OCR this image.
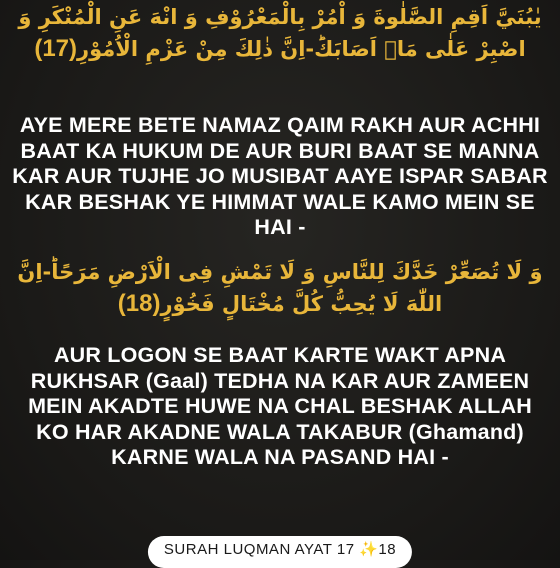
يٰبُنَيَّ اَقِمِ الصَّلٰوةَ وَ اْمُرْ بِالْمَعْرُوْفِ وَ انْهَ عَنِ الْمُنْكَرِ وَ اصْبِرْ عَلٰى مَاۤ اَصَابَكَؕ-اِنَّ ذٰلِكَ مِنْ عَزْمِ الْاُمُوْرِ(17)
AYE MERE BETE NAMAZ QAIM RAKH AUR ACHHI BAAT KA HUKUM DE AUR BURI BAAT SE MANNA KAR AUR TUJHE JO MUSIBAT AAYE ISPAR SABAR KAR BESHAK YE HIMMAT WALE KAMO MEIN SE HAI -
وَ لَا تُصَعِّرْ خَدَّكَ لِلنَّاسِ وَ لَا تَمْشِ فِی الْاَرْضِ مَرَحًاؕ-اِنَّ اللّٰهَ لَا یُحِبُّ كُلَّ مُخْتَالٍ فَخُوْرٍ(18)
AUR LOGON SE BAAT KARTE WAKT APNA RUKHSAR (Gaal) TEDHA NA KAR AUR ZAMEEN MEIN AKADTE HUWE NA CHAL BESHAK ALLAH KO HAR AKADNE WALA TAKABUR (Ghamand) KARNE WALA NA PASAND HAI -
SURAH LUQMAN AYAT 17 ✨18
